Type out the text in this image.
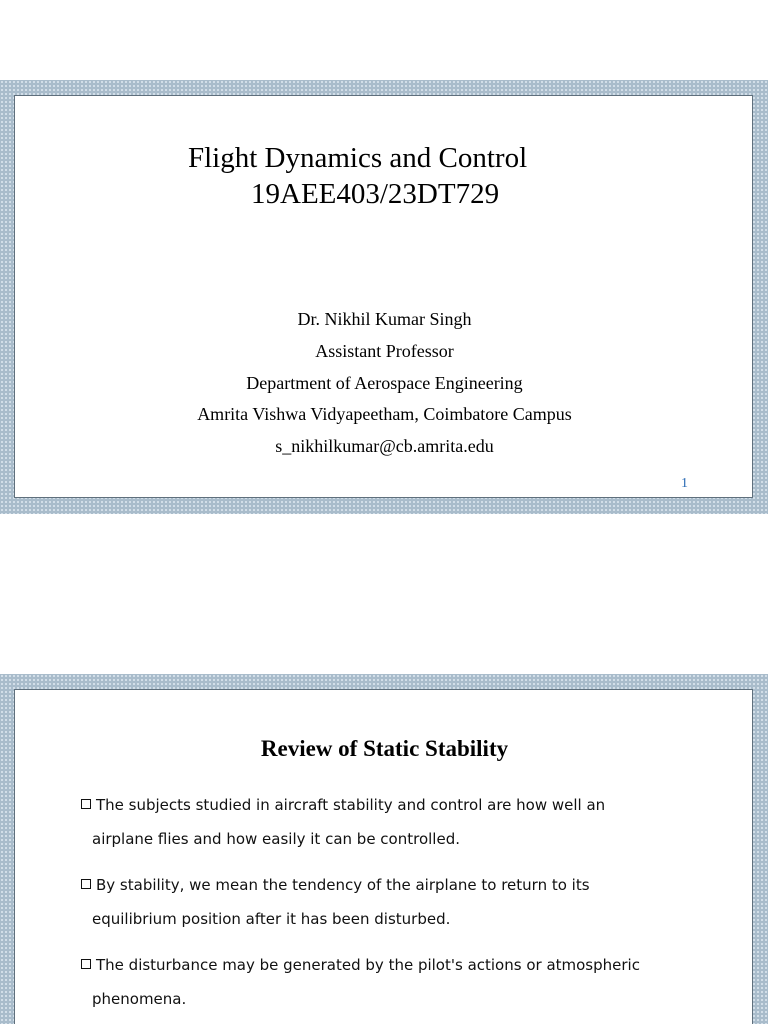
Flight Dynamics and Control
19AEE403/23DT729
Dr. Nikhil Kumar Singh
Assistant Professor
Department of Aerospace Engineering
Amrita Vishwa Vidyapeetham, Coimbatore Campus
s_nikhilkumar@cb.amrita.edu
1
Review of Static Stability
The subjects studied in aircraft stability and control are how well an
airplane flies and how easily it can be controlled.
By stability, we mean the tendency of the airplane to return to its
equilibrium position after it has been disturbed.
The disturbance may be generated by the pilot's actions or atmospheric
phenomena.
